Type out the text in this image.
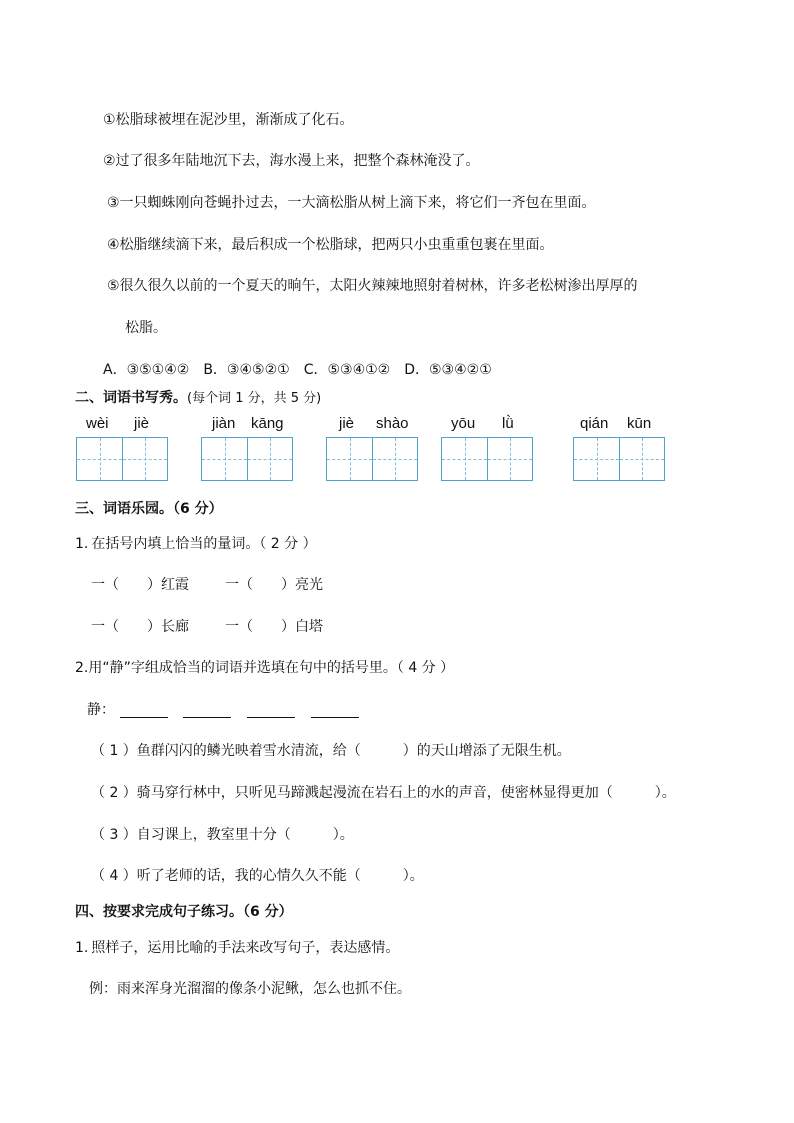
①松脂球被埋在泥沙里，渐渐成了化石。
②过了很多年陆地沉下去，海水漫上来，把整个森林淹没了。
③一只蜘蛛刚向苍蝇扑过去，一大滴松脂从树上滴下来，将它们一齐包在里面。
④松脂继续滴下来，最后积成一个松脂球，把两只小虫重重包裹在里面。
⑤很久很久以前的一个夏天的晌午，太阳火辣辣地照射着树林，许多老松树渗出厚厚的
松脂。
A．③⑤①④②　B．③④⑤②①　C．⑤③④①②　D．⑤③④②①
二、词语书写秀。(每个词 1 分，共 5 分)
wèi jiè	jiàn kāng	jiè shào	yōu lǜ	qián kūn
三、词语乐园。（6 分）
1. 在括号内填上恰当的量词。（ 2 分 ）
一（　　）红霞	一（　　）亮光
一（　　）长廊	一（　　）白塔
2.用“静”字组成恰当的词语并选填在句中的括号里。（ 4 分 ）
静：
（ 1 ）鱼群闪闪的鳞光映着雪水清流，给（　　　）的天山增添了无限生机。
（ 2 ）骑马穿行林中，只听见马蹄溅起漫流在岩石上的水的声音，使密林显得更加（　　　）。
（ 3 ）自习课上，教室里十分（　　　）。
（ 4 ）听了老师的话，我的心情久久不能（　　　）。
四、按要求完成句子练习。（6 分）
1. 照样子，运用比喻的手法来改写句子，表达感情。
例：雨来浑身光溜溜的像条小泥鳅，怎么也抓不住。
